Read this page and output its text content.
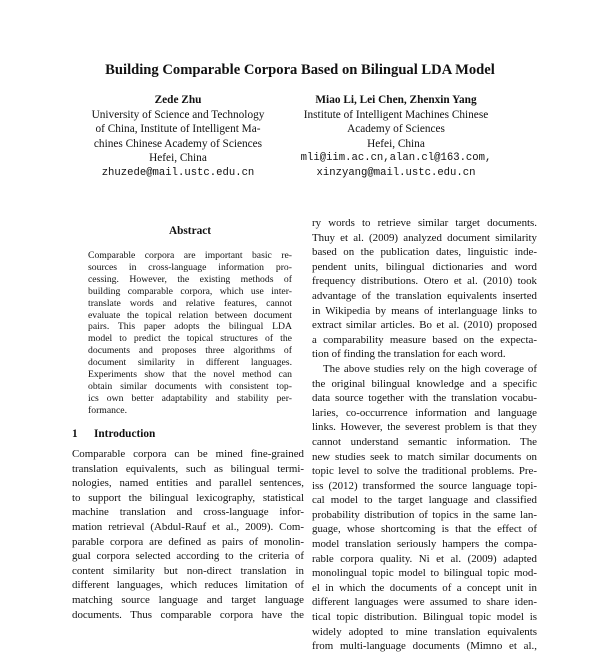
Building Comparable Corpora Based on Bilingual LDA Model
Zede Zhu
University of Science and Technology
of China, Institute of Intelligent Ma-
chines Chinese Academy of Sciences
Hefei, China
zhuzede@mail.ustc.edu.cn
Miao Li, Lei Chen, Zhenxin Yang
Institute of Intelligent Machines Chinese
Academy of Sciences
Hefei, China
mli@iim.ac.cn,alan.cl@163.com,
xinzyang@mail.ustc.edu.cn
Abstract
Comparable corpora are important basic re-
sources in cross-language information pro-
cessing. However, the existing methods of
building comparable corpora, which use inter-
translate words and relative features, cannot
evaluate the topical relation between document
pairs. This paper adopts the bilingual LDA
model to predict the topical structures of the
documents and proposes three algorithms of
document similarity in different languages.
Experiments show that the novel method can
obtain similar documents with consistent top-
ics own better adaptability and stability per-
formance.
1 Introduction
Comparable corpora can be mined fine-grained
translation equivalents, such as bilingual termi-
nologies, named entities and parallel sentences,
to support the bilingual lexicography, statistical
machine translation and cross-language infor-
mation retrieval (Abdul-Rauf et al., 2009). Com-
parable corpora are defined as pairs of monolin-
gual corpora selected according to the criteria of
content similarity but non-direct translation in
different languages, which reduces limitation of
matching source language and target language
documents. Thus comparable corpora have the
ry words to retrieve similar target documents.
Thuy et al. (2009) analyzed document similarity
based on the publication dates, linguistic inde-
pendent units, bilingual dictionaries and word
frequency distributions. Otero et al. (2010) took
advantage of the translation equivalents inserted
in Wikipedia by means of interlanguage links to
extract similar articles. Bo et al. (2010) proposed
a comparability measure based on the expecta-
tion of finding the translation for each word.
The above studies rely on the high coverage of
the original bilingual knowledge and a specific
data source together with the translation vocabu-
laries, co-occurrence information and language
links. However, the severest problem is that they
cannot understand semantic information. The
new studies seek to match similar documents on
topic level to solve the traditional problems. Pre-
iss (2012) transformed the source language topi-
cal model to the target language and classified
probability distribution of topics in the same lan-
guage, whose shortcoming is that the effect of
model translation seriously hampers the compa-
rable corpora quality. Ni et al. (2009) adapted
monolingual topic model to bilingual topic mod-
el in which the documents of a concept unit in
different languages were assumed to share iden-
tical topic distribution. Bilingual topic model is
widely adopted to mine translation equivalents
from multi-language documents (Mimno et al.,
